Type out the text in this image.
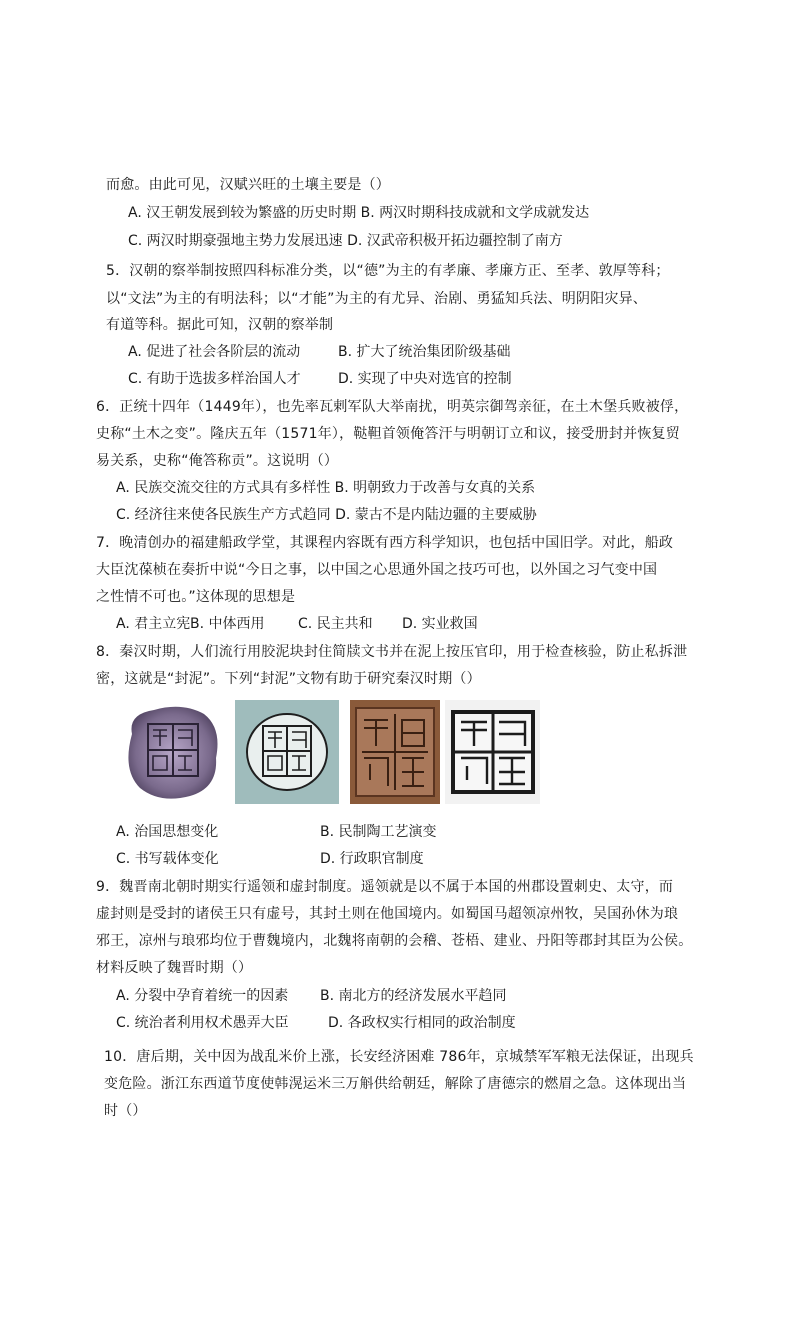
而愈。由此可见，汉赋兴旺的土壤主要是（）
A. 汉王朝发展到较为繁盛的历史时期 B. 两汉时期科技成就和文学成就发达
C. 两汉时期豪强地主势力发展迅速 D. 汉武帝积极开拓边疆控制了南方
5．汉朝的察举制按照四科标准分类，以“德”为主的有孝廉、孝廉方正、至孝、敦厚等科；
以“文法”为主的有明法科；以“才能”为主的有尤异、治剧、勇猛知兵法、明阴阳灾异、
有道等科。据此可知，汉朝的察举制
A. 促进了社会各阶层的流动	B. 扩大了统治集团阶级基础
C. 有助于选拔多样治国人才	D. 实现了中央对选官的控制
6．正统十四年（1449年），也先率瓦剌军队大举南扰，明英宗御驾亲征，在土木堡兵败被俘，
史称“土木之变”。隆庆五年（1571年），鞑靼首领俺答汗与明朝订立和议，接受册封并恢复贸
易关系，史称“俺答称贡”。这说明（）
A. 民族交流交往的方式具有多样性 B. 明朝致力于改善与女真的关系
C. 经济往来使各民族生产方式趋同 D. 蒙古不是内陆边疆的主要威胁
7．晚清创办的福建船政学堂，其课程内容既有西方科学知识，也包括中国旧学。对此，船政
大臣沈葆桢在奏折中说“今日之事，以中国之心思通外国之技巧可也，以外国之习气变中国
之性情不可也。”这体现的思想是
A. 君主立宪 B. 中体西用 C. 民主共和 D. 实业救国
8．秦汉时期，人们流行用胶泥块封住简牍文书并在泥上按压官印，用于检查核验，防止私拆泄
密，这就是“封泥”。下列“封泥”文物有助于研究秦汉时期（）
A. 治国思想变化	B. 民制陶工艺演变
C. 书写载体变化	D. 行政职官制度
9．魏晋南北朝时期实行遥领和虚封制度。遥领就是以不属于本国的州郡设置刺史、太守，而
虚封则是受封的诸侯王只有虚号，其封土则在他国境内。如蜀国马超领凉州牧，吴国孙休为琅
邪王，凉州与琅邪均位于曹魏境内，北魏将南朝的会稽、苍梧、建业、丹阳等郡封其臣为公侯。
材料反映了魏晋时期（）
A. 分裂中孕育着统一的因素 B. 南北方的经济发展水平趋同
C. 统治者利用权术愚弄大臣	D. 各政权实行相同的政治制度
10．唐后期，关中因为战乱米价上涨，长安经济困难 786年，京城禁军军粮无法保证，出现兵
变危险。浙江东西道节度使韩滉运米三万斛供给朝廷，解除了唐德宗的燃眉之急。这体现出当
时（）
